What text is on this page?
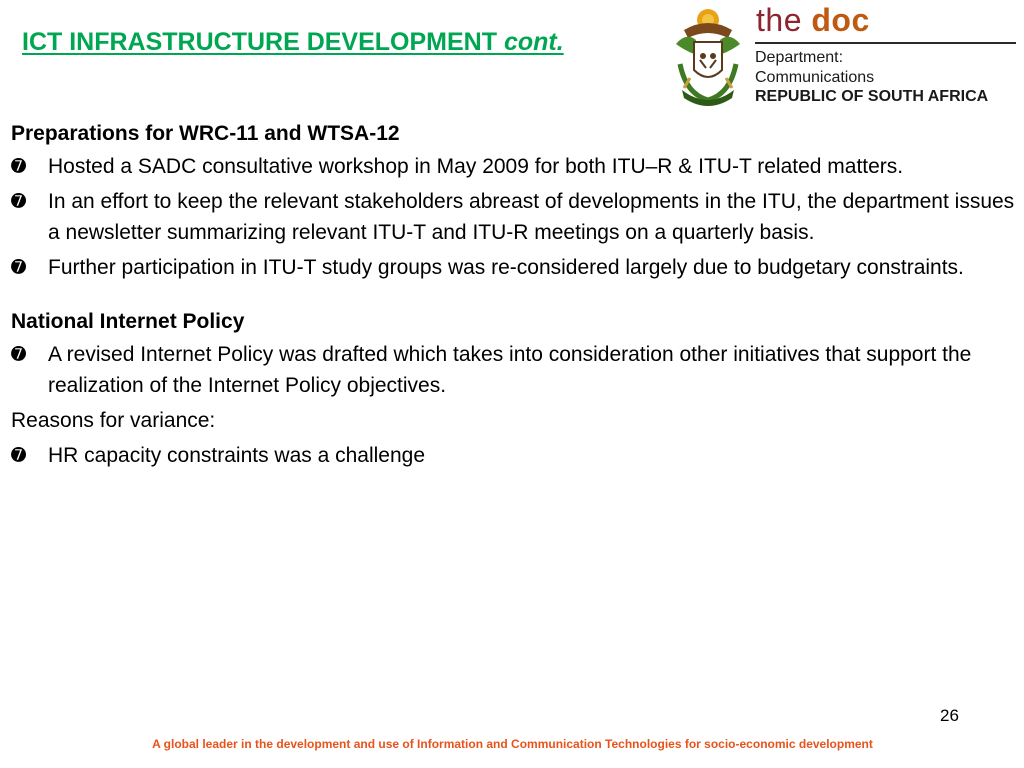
ICT INFRASTRUCTURE DEVELOPMENT cont.
the doc
Department:
Communications
REPUBLIC OF SOUTH AFRICA
Preparations for WRC-11 and WTSA-12
➐ Hosted a SADC consultative workshop in May 2009 for both ITU–R & ITU-T related matters.
➐ In an effort to keep the relevant stakeholders abreast of developments in the ITU, the department issues a newsletter summarizing relevant ITU-T and ITU-R meetings on a quarterly basis.
➐ Further participation in ITU-T study groups was re-considered largely due to budgetary constraints.
National Internet Policy
➐ A revised Internet Policy was drafted which takes into consideration other initiatives that support the realization of the Internet Policy objectives.
Reasons for variance:
➐ HR capacity constraints was a challenge
26
A global leader in the development and use of Information and Communication Technologies for socio-economic development
